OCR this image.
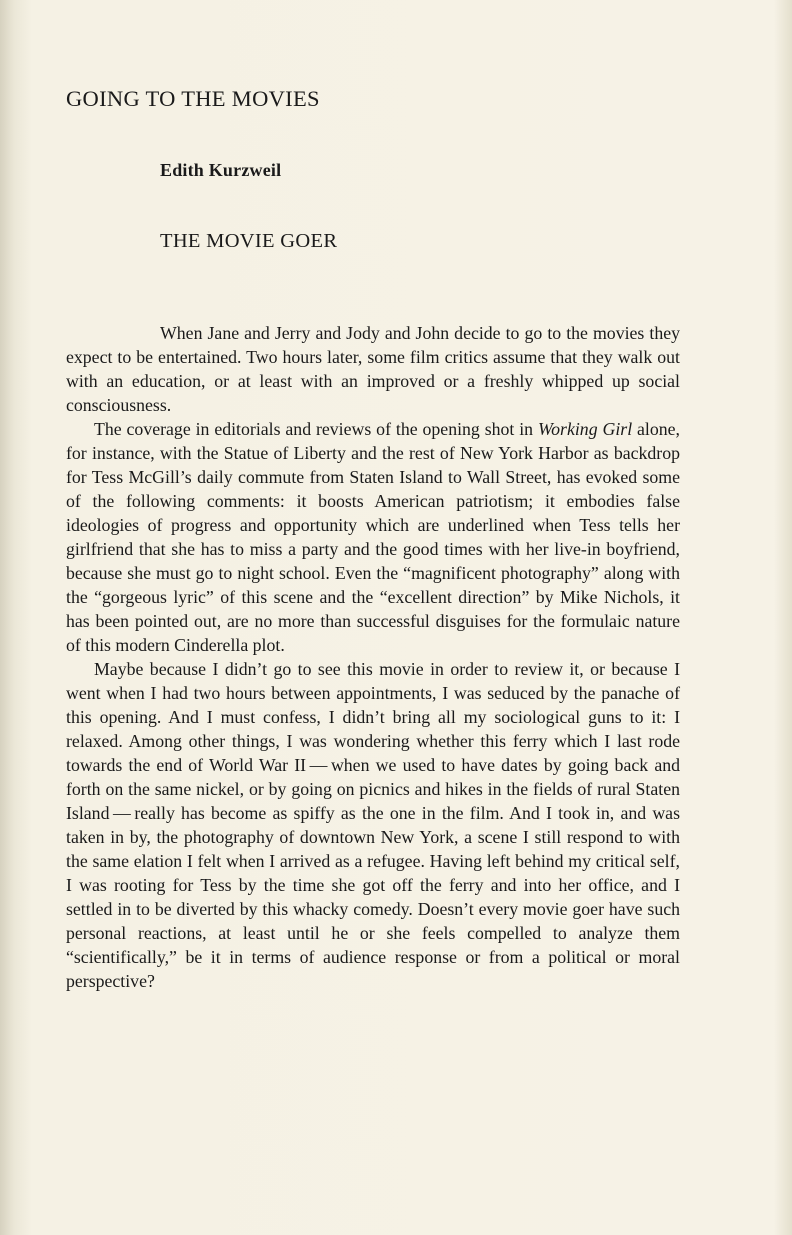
GOING TO THE MOVIES
Edith Kurzweil
THE MOVIE GOER

When Jane and Jerry and Jody and John decide to go to the movies they expect to be entertained. Two hours later, some film critics assume that they walk out with an education, or at least with an improved or a freshly whipped up social consciousness.

The coverage in editorials and reviews of the opening shot in Working Girl alone, for instance, with the Statue of Liberty and the rest of New York Harbor as backdrop for Tess McGill’s daily commute from Staten Island to Wall Street, has evoked some of the following comments: it boosts American patriotism; it embodies false ideologies of progress and opportunity which are underlined when Tess tells her girlfriend that she has to miss a party and the good times with her live-in boyfriend, because she must go to night school. Even the “magnificent photography” along with the “gorgeous lyric” of this scene and the “excellent direction” by Mike Nichols, it has been pointed out, are no more than successful disguises for the formulaic nature of this modern Cinderella plot.

Maybe because I didn’t go to see this movie in order to review it, or because I went when I had two hours between appointments, I was seduced by the panache of this opening. And I must confess, I didn’t bring all my sociological guns to it: I relaxed. Among other things, I was wondering whether this ferry which I last rode towards the end of World War II — when we used to have dates by going back and forth on the same nickel, or by going on picnics and hikes in the fields of rural Staten Island — really has become as spiffy as the one in the film. And I took in, and was taken in by, the photography of downtown New York, a scene I still respond to with the same elation I felt when I arrived as a refugee. Having left behind my critical self, I was rooting for Tess by the time she got off the ferry and into her office, and I settled in to be diverted by this whacky comedy. Doesn’t every movie goer have such personal reactions, at least until he or she feels compelled to analyze them “scientifically,” be it in terms of audience response or from a political or moral perspective?
